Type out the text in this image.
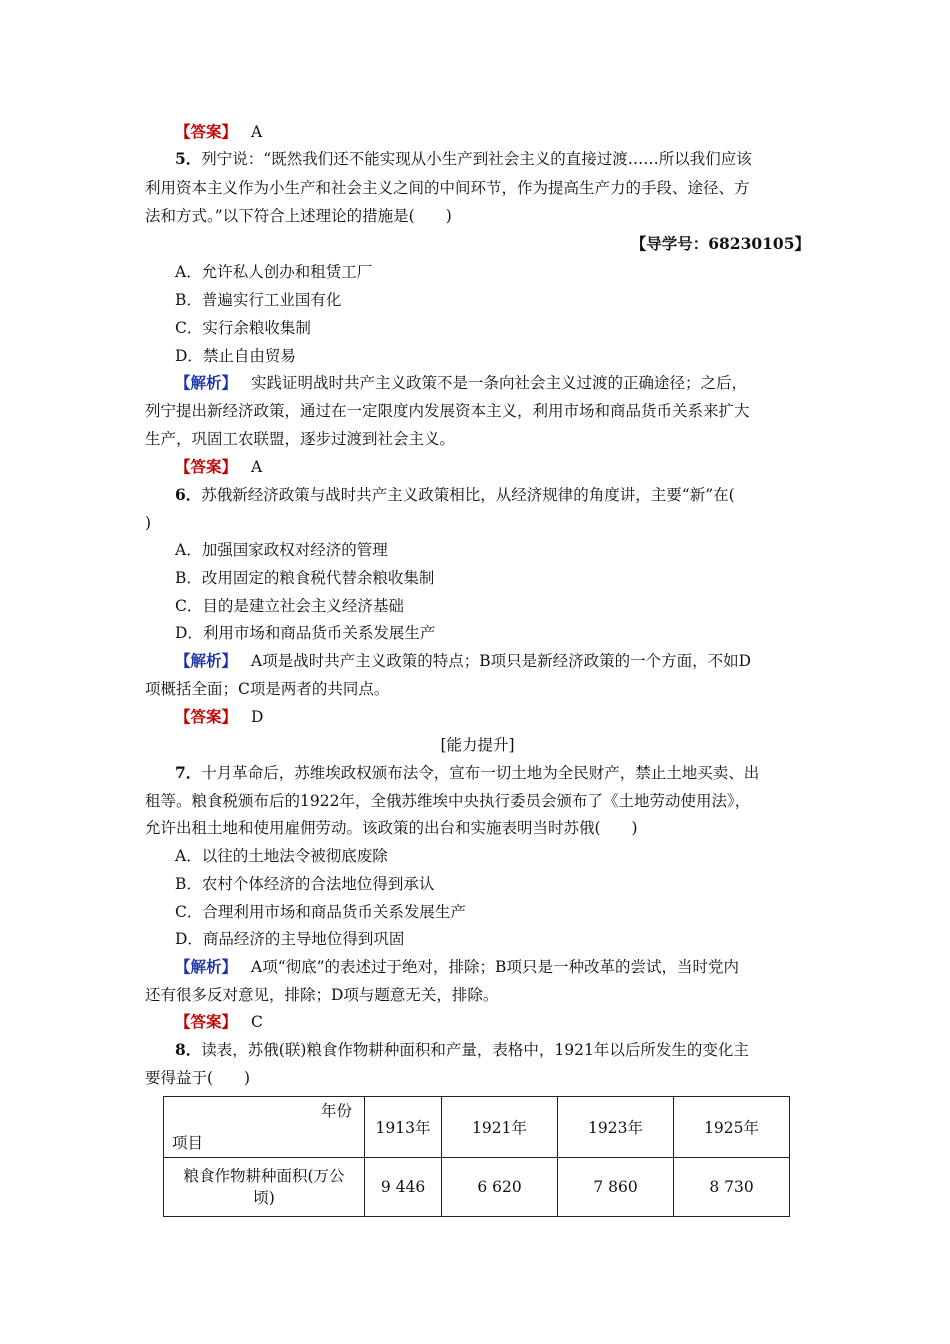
【答案】 A
5．列宁说：“既然我们还不能实现从小生产到社会主义的直接过渡……所以我们应该
利用资本主义作为小生产和社会主义之间的中间环节，作为提高生产力的手段、途径、方
法和方式。”以下符合上述理论的措施是(　　)
【导学号：68230105】
A．允许私人创办和租赁工厂
B．普遍实行工业国有化
C．实行余粮收集制
D．禁止自由贸易
【解析】 实践证明战时共产主义政策不是一条向社会主义过渡的正确途径；之后，
列宁提出新经济政策，通过在一定限度内发展资本主义，利用市场和商品货币关系来扩大
生产，巩固工农联盟，逐步过渡到社会主义。
【答案】 A
6．苏俄新经济政策与战时共产主义政策相比，从经济规律的角度讲，主要“新”在(
)
A．加强国家政权对经济的管理
B．改用固定的粮食税代替余粮收集制
C．目的是建立社会主义经济基础
D．利用市场和商品货币关系发展生产
【解析】 A项是战时共产主义政策的特点；B项只是新经济政策的一个方面，不如D
项概括全面；C项是两者的共同点。
【答案】 D
[能力提升]
7．十月革命后，苏维埃政权颁布法令，宣布一切土地为全民财产，禁止土地买卖、出
租等。粮食税颁布后的1922年，全俄苏维埃中央执行委员会颁布了《土地劳动使用法》，
允许出租土地和使用雇佣劳动。该政策的出台和实施表明当时苏俄(　　)
A．以往的土地法令被彻底废除
B．农村个体经济的合法地位得到承认
C．合理利用市场和商品货币关系发展生产
D．商品经济的主导地位得到巩固
【解析】 A项“彻底”的表述过于绝对，排除；B项只是一种改革的尝试，当时党内
还有很多反对意见，排除；D项与题意无关，排除。
【答案】 C
8．读表，苏俄(联)粮食作物耕种面积和产量，表格中，1921年以后所发生的变化主
要得益于(　　)
年份
项目	1913年	1921年	1923年	1925年

粮食作物耕种面积(万公
顷)	9 446	6 620	7 860	8 730
